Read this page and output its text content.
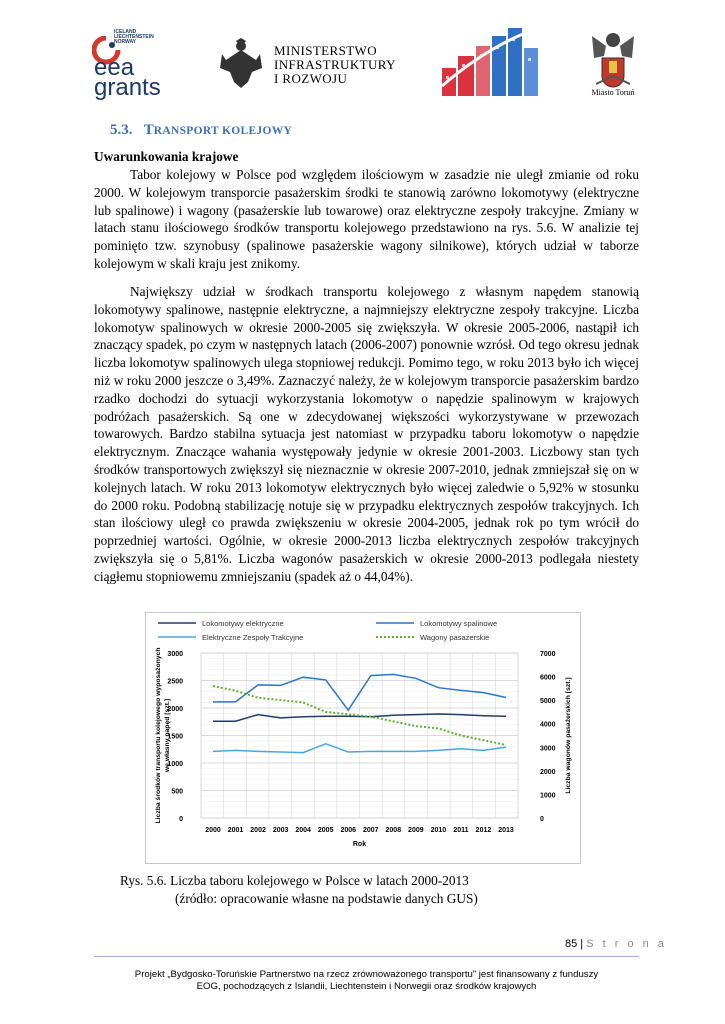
ICELAND
LIECHTENSTEIN
NORWAY
eea
grants
MINISTERSTWO
INFRASTRUKTURY
I ROZWOJU
Miasto Toruń
5.3. TRANSPORT KOLEJOWY
Uwarunkowania krajowe

Tabor kolejowy w Polsce pod względem ilościowym w zasadzie nie uległ zmianie od roku 2000. W kolejowym transporcie pasażerskim środki te stanowią zarówno lokomotywy (elektryczne lub spalinowe) i wagony (pasażerskie lub towarowe) oraz elektryczne zespoły trakcyjne. Zmiany w latach stanu ilościowego środków transportu kolejowego przedstawiono na rys. 5.6. W analizie tej pominięto tzw. szynobusy (spalinowe pasażerskie wagony silnikowe), których udział w taborze kolejowym w skali kraju jest znikomy.

Największy udział w środkach transportu kolejowego z własnym napędem stanowią lokomotywy spalinowe, następnie elektryczne, a najmniejszy elektryczne zespoły trakcyjne. Liczba lokomotyw spalinowych w okresie 2000-2005 się zwiększyła. W okresie 2005-2006, nastąpił ich znaczący spadek, po czym w następnych latach (2006-2007) ponownie wzrósł. Od tego okresu jednak liczba lokomotyw spalinowych ulega stopniowej redukcji. Pomimo tego, w roku 2013 było ich więcej niż w roku 2000 jeszcze o 3,49%. Zaznaczyć należy, że w kolejowym transporcie pasażerskim bardzo rzadko dochodzi do sytuacji wykorzystania lokomotyw o napędzie spalinowym w krajowych podróżach pasażerskich. Są one w zdecydowanej większości wykorzystywane w przewozach towarowych. Bardzo stabilna sytuacja jest natomiast w przypadku taboru lokomotyw o napędzie elektrycznym. Znaczące wahania występowały jedynie w okresie 2001-2003. Liczbowy stan tych środków transportowych zwiększył się nieznacznie w okresie 2007-2010, jednak zmniejszał się on w kolejnych latach. W roku 2013 lokomotyw elektrycznych było więcej zaledwie o 5,92% w stosunku do 2000 roku. Podobną stabilizację notuje się w przypadku elektrycznych zespołów trakcyjnych. Ich stan ilościowy uległ co prawda zwiększeniu w okresie 2004-2005, jednak rok po tym wrócił do poprzedniej wartości. Ogólnie, w okresie 2000-2013 liczba elektrycznych zespołów trakcyjnych zwiększyła się o 5,81%. Liczba wagonów pasażerskich w okresie 2000-2013 podlegała niestety ciągłemu stopniowemu zmniejszaniu (spadek aż o 44,04%).

0
500
1000
1500
2000
2500
3000
0
1000
2000
3000
4000
5000
6000
7000
2000 2001 2002 2003 2004 2005 2006 2007 2008 2009 2010 2011 2012 2013
Rok
Liczba środków transportu kolejowego wyposażonych we własny napęd [szt.]	Liczba wagonów pasażerskich [szt.]
Lokomotywy elektryczne
Elektryczne Zespoły Trakcyjne
Lokomotywy spalinowe
Wagony pasażerskie
Rys. 5.6. Liczba taboru kolejowego w Polsce w latach 2000-2013
(źródło: opracowanie własne na podstawie danych GUS)
85 | S t r o n a
Projekt „Bydgosko-Toruńskie Partnerstwo na rzecz zrównoważonego transportu” jest finansowany z funduszy
EOG, pochodzących z Islandii, Liechtenstein i Norwegii oraz środków krajowych
